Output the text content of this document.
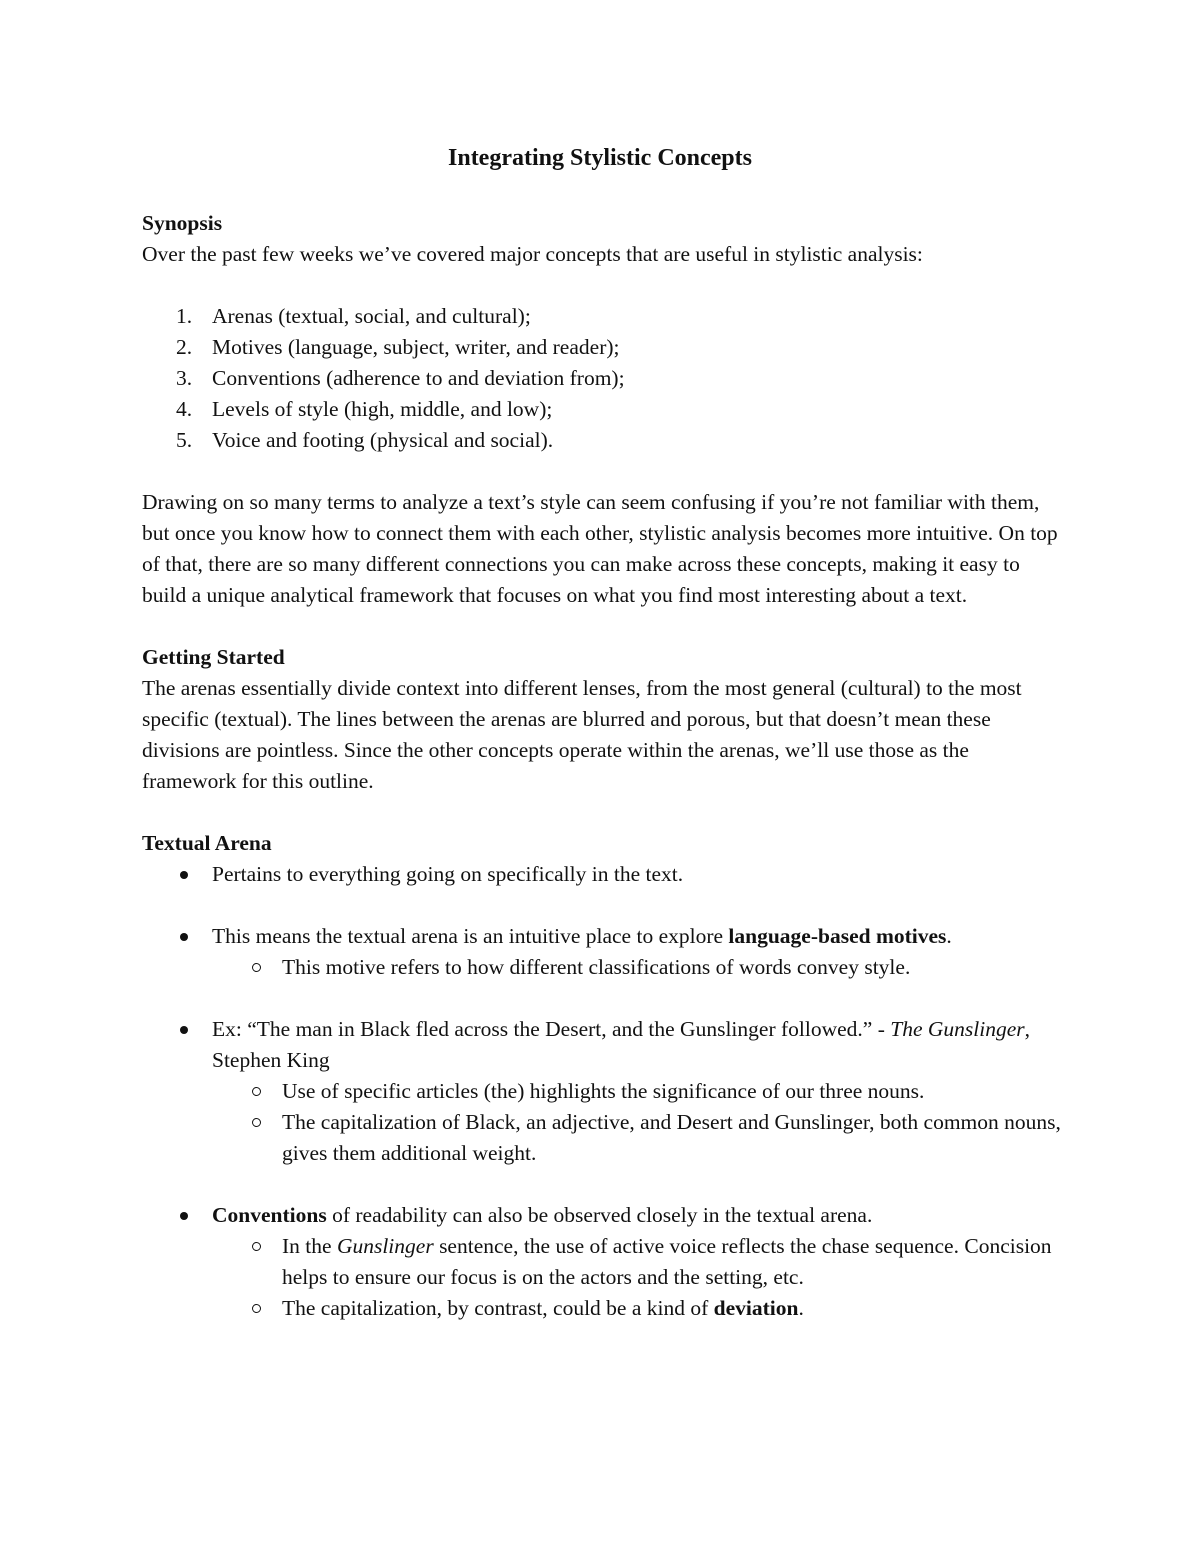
Integrating Stylistic Concepts

Synopsis

Over the past few weeks we’ve covered major concepts that are useful in stylistic analysis:

1. Arenas (textual, social, and cultural);
2. Motives (language, subject, writer, and reader);
3. Conventions (adherence to and deviation from);
4. Levels of style (high, middle, and low);
5. Voice and footing (physical and social).

Drawing on so many terms to analyze a text’s style can seem confusing if you’re not familiar with them, but once you know how to connect them with each other, stylistic analysis becomes more intuitive. On top of that, there are so many different connections you can make across these concepts, making it easy to build a unique analytical framework that focuses on what you find most interesting about a text.

Getting Started

The arenas essentially divide context into different lenses, from the most general (cultural) to the most specific (textual). The lines between the arenas are blurred and porous, but that doesn’t mean these divisions are pointless. Since the other concepts operate within the arenas, we’ll use those as the framework for this outline.

Textual Arena

Pertains to everything going on specifically in the text.
This means the textual arena is an intuitive place to explore language-based motives.
This motive refers to how different classifications of words convey style.
Ex: “The man in Black fled across the Desert, and the Gunslinger followed.” - The Gunslinger, Stephen King
Use of specific articles (the) highlights the significance of our three nouns.
The capitalization of Black, an adjective, and Desert and Gunslinger, both common nouns, gives them additional weight.
Conventions of readability can also be observed closely in the textual arena.
In the Gunslinger sentence, the use of active voice reflects the chase sequence. Concision helps to ensure our focus is on the actors and the setting, etc.
The capitalization, by contrast, could be a kind of deviation.
